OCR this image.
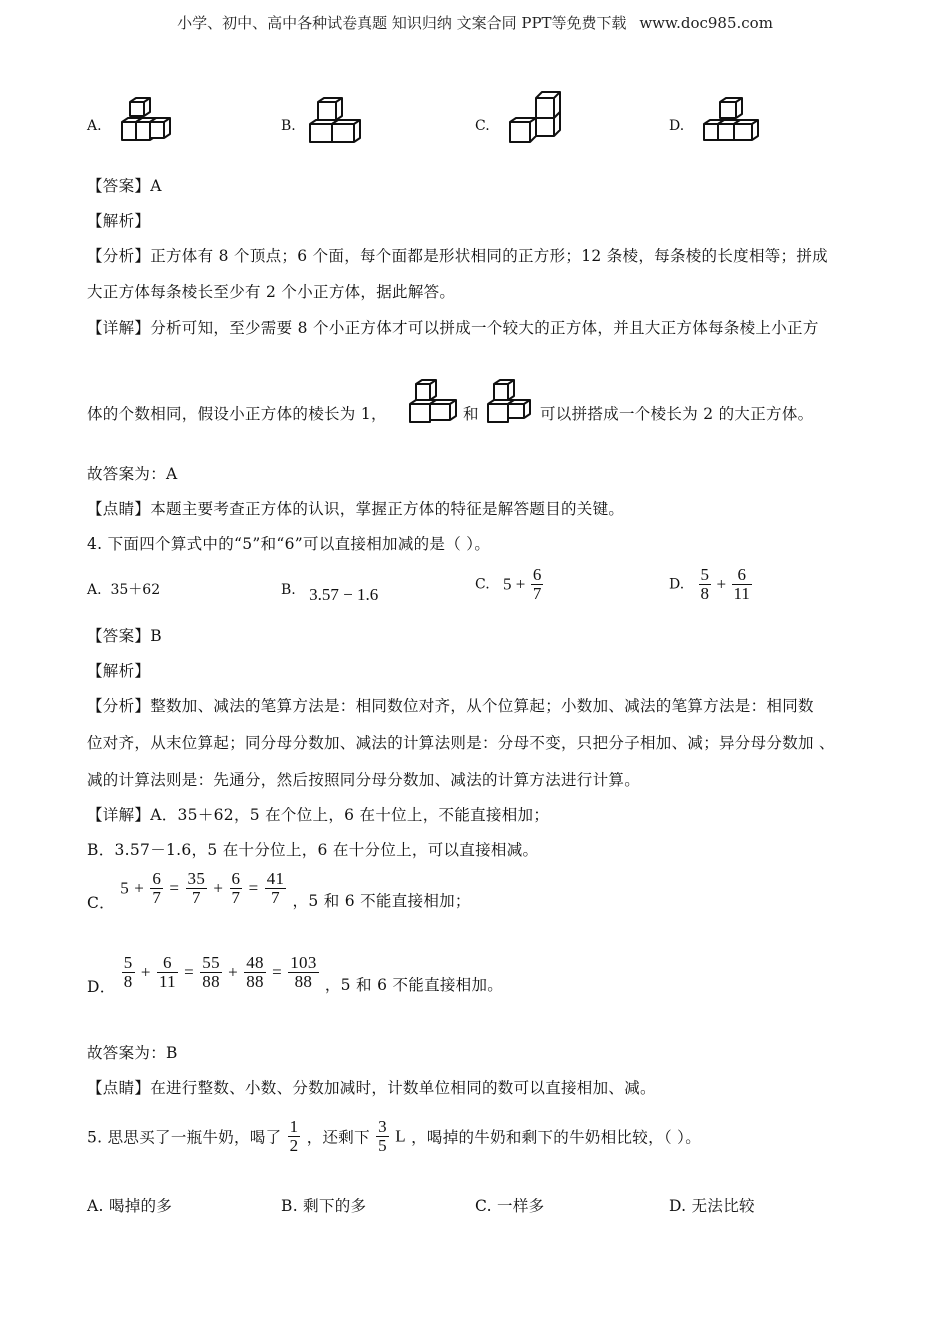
小学、初中、高中各种试卷真题 知识归纳 文案合同 PPT等免费下载 www.doc985.com
A.	B.	C.	D.
【答案】A
【解析】
【分析】正方体有 8 个顶点；6 个面，每个面都是形状相同的正方形；12 条棱，每条棱的长度相等；拼成
大正方体每条棱长至少有 2 个小正方体，据此解答。
【详解】分析可知，至少需要 8 个小正方体才可以拼成一个较大的正方体，并且大正方体每条棱上小正方
体的个数相同，假设小正方体的棱长为 1，	和	可以拼搭成一个棱长为 2 的大正方体。
故答案为：A
【点睛】本题主要考查正方体的认识，掌握正方体的特征是解答题目的关键。
4. 下面四个算式中的“5”和“6”可以直接相加减的是（ ）。
A. 35＋62	B. 3.57 − 1.6
C. $5 + \frac{6}{7}$	D. $\frac{5}{8} + \frac{6}{11}$
【答案】B
【解析】
【分析】整数加、减法的笔算方法是：相同数位对齐，从个位算起；小数加、减法的笔算方法是：相同数
位对齐，从末位算起；同分母分数加、减法的计算法则是：分母不变，只把分子相加、减；异分母分数加 、
减的计算法则是：先通分，然后按照同分母分数加、减法的计算方法进行计算。
【详解】A．35＋62，5 在个位上，6 在十位上，不能直接相加；
B．3.57－1.6，5 在十分位上，6 在十分位上，可以直接相减。
C． $5 + \frac{6}{7} = \frac{35}{7} + \frac{6}{7} = \frac{41}{7}$ ，5 和 6 不能直接相加；
D． $\frac{5}{8} + \frac{6}{11} = \frac{55}{88} + \frac{48}{88} = \frac{103}{88}$ ，5 和 6 不能直接相加。
故答案为：B
【点睛】在进行整数、小数、分数加减时，计数单位相同的数可以直接相加、减。
5. 思思买了一瓶牛奶，喝了 $\frac{1}{2}$ ，还剩下 $\frac{3}{5}$ L ，喝掉的牛奶和剩下的牛奶相比较，（ ）。
A. 喝掉的多	B. 剩下的多	C. 一样多	D. 无法比较
